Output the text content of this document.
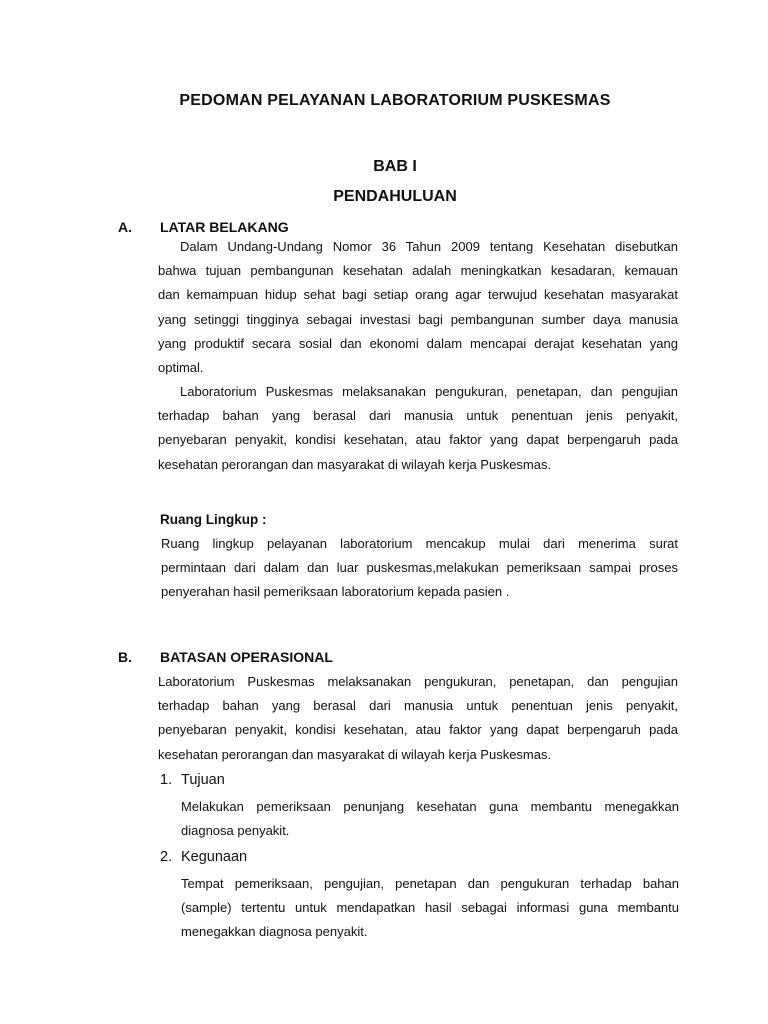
PEDOMAN PELAYANAN LABORATORIUM PUSKESMAS
BAB I
PENDAHULUAN
A. LATAR BELAKANG
Dalam Undang-Undang Nomor 36 Tahun 2009 tentang Kesehatan disebutkan
bahwa tujuan pembangunan kesehatan adalah meningkatkan kesadaran, kemauan
dan kemampuan hidup sehat bagi setiap orang agar terwujud kesehatan masyarakat
yang setinggi tingginya sebagai investasi bagi pembangunan sumber daya manusia
yang produktif secara sosial dan ekonomi dalam mencapai derajat kesehatan yang
optimal.
Laboratorium Puskesmas melaksanakan pengukuran, penetapan, dan pengujian
terhadap bahan yang berasal dari manusia untuk penentuan jenis penyakit,
penyebaran penyakit, kondisi kesehatan, atau faktor yang dapat berpengaruh pada
kesehatan perorangan dan masyarakat di wilayah kerja Puskesmas.
Ruang Lingkup :
Ruang lingkup pelayanan laboratorium mencakup mulai dari menerima surat
permintaan dari dalam dan luar puskesmas,melakukan pemeriksaan sampai proses
penyerahan hasil pemeriksaan laboratorium kepada pasien .
B. BATASAN OPERASIONAL
Laboratorium Puskesmas melaksanakan pengukuran, penetapan, dan pengujian
terhadap bahan yang berasal dari manusia untuk penentuan jenis penyakit,
penyebaran penyakit, kondisi kesehatan, atau faktor yang dapat berpengaruh pada
kesehatan perorangan dan masyarakat di wilayah kerja Puskesmas.
1. Tujuan
Melakukan pemeriksaan penunjang kesehatan guna membantu menegakkan
diagnosa penyakit.
2. Kegunaan
Tempat pemeriksaan, pengujian, penetapan dan pengukuran terhadap bahan
(sample) tertentu untuk mendapatkan hasil sebagai informasi guna membantu
menegakkan diagnosa penyakit.
